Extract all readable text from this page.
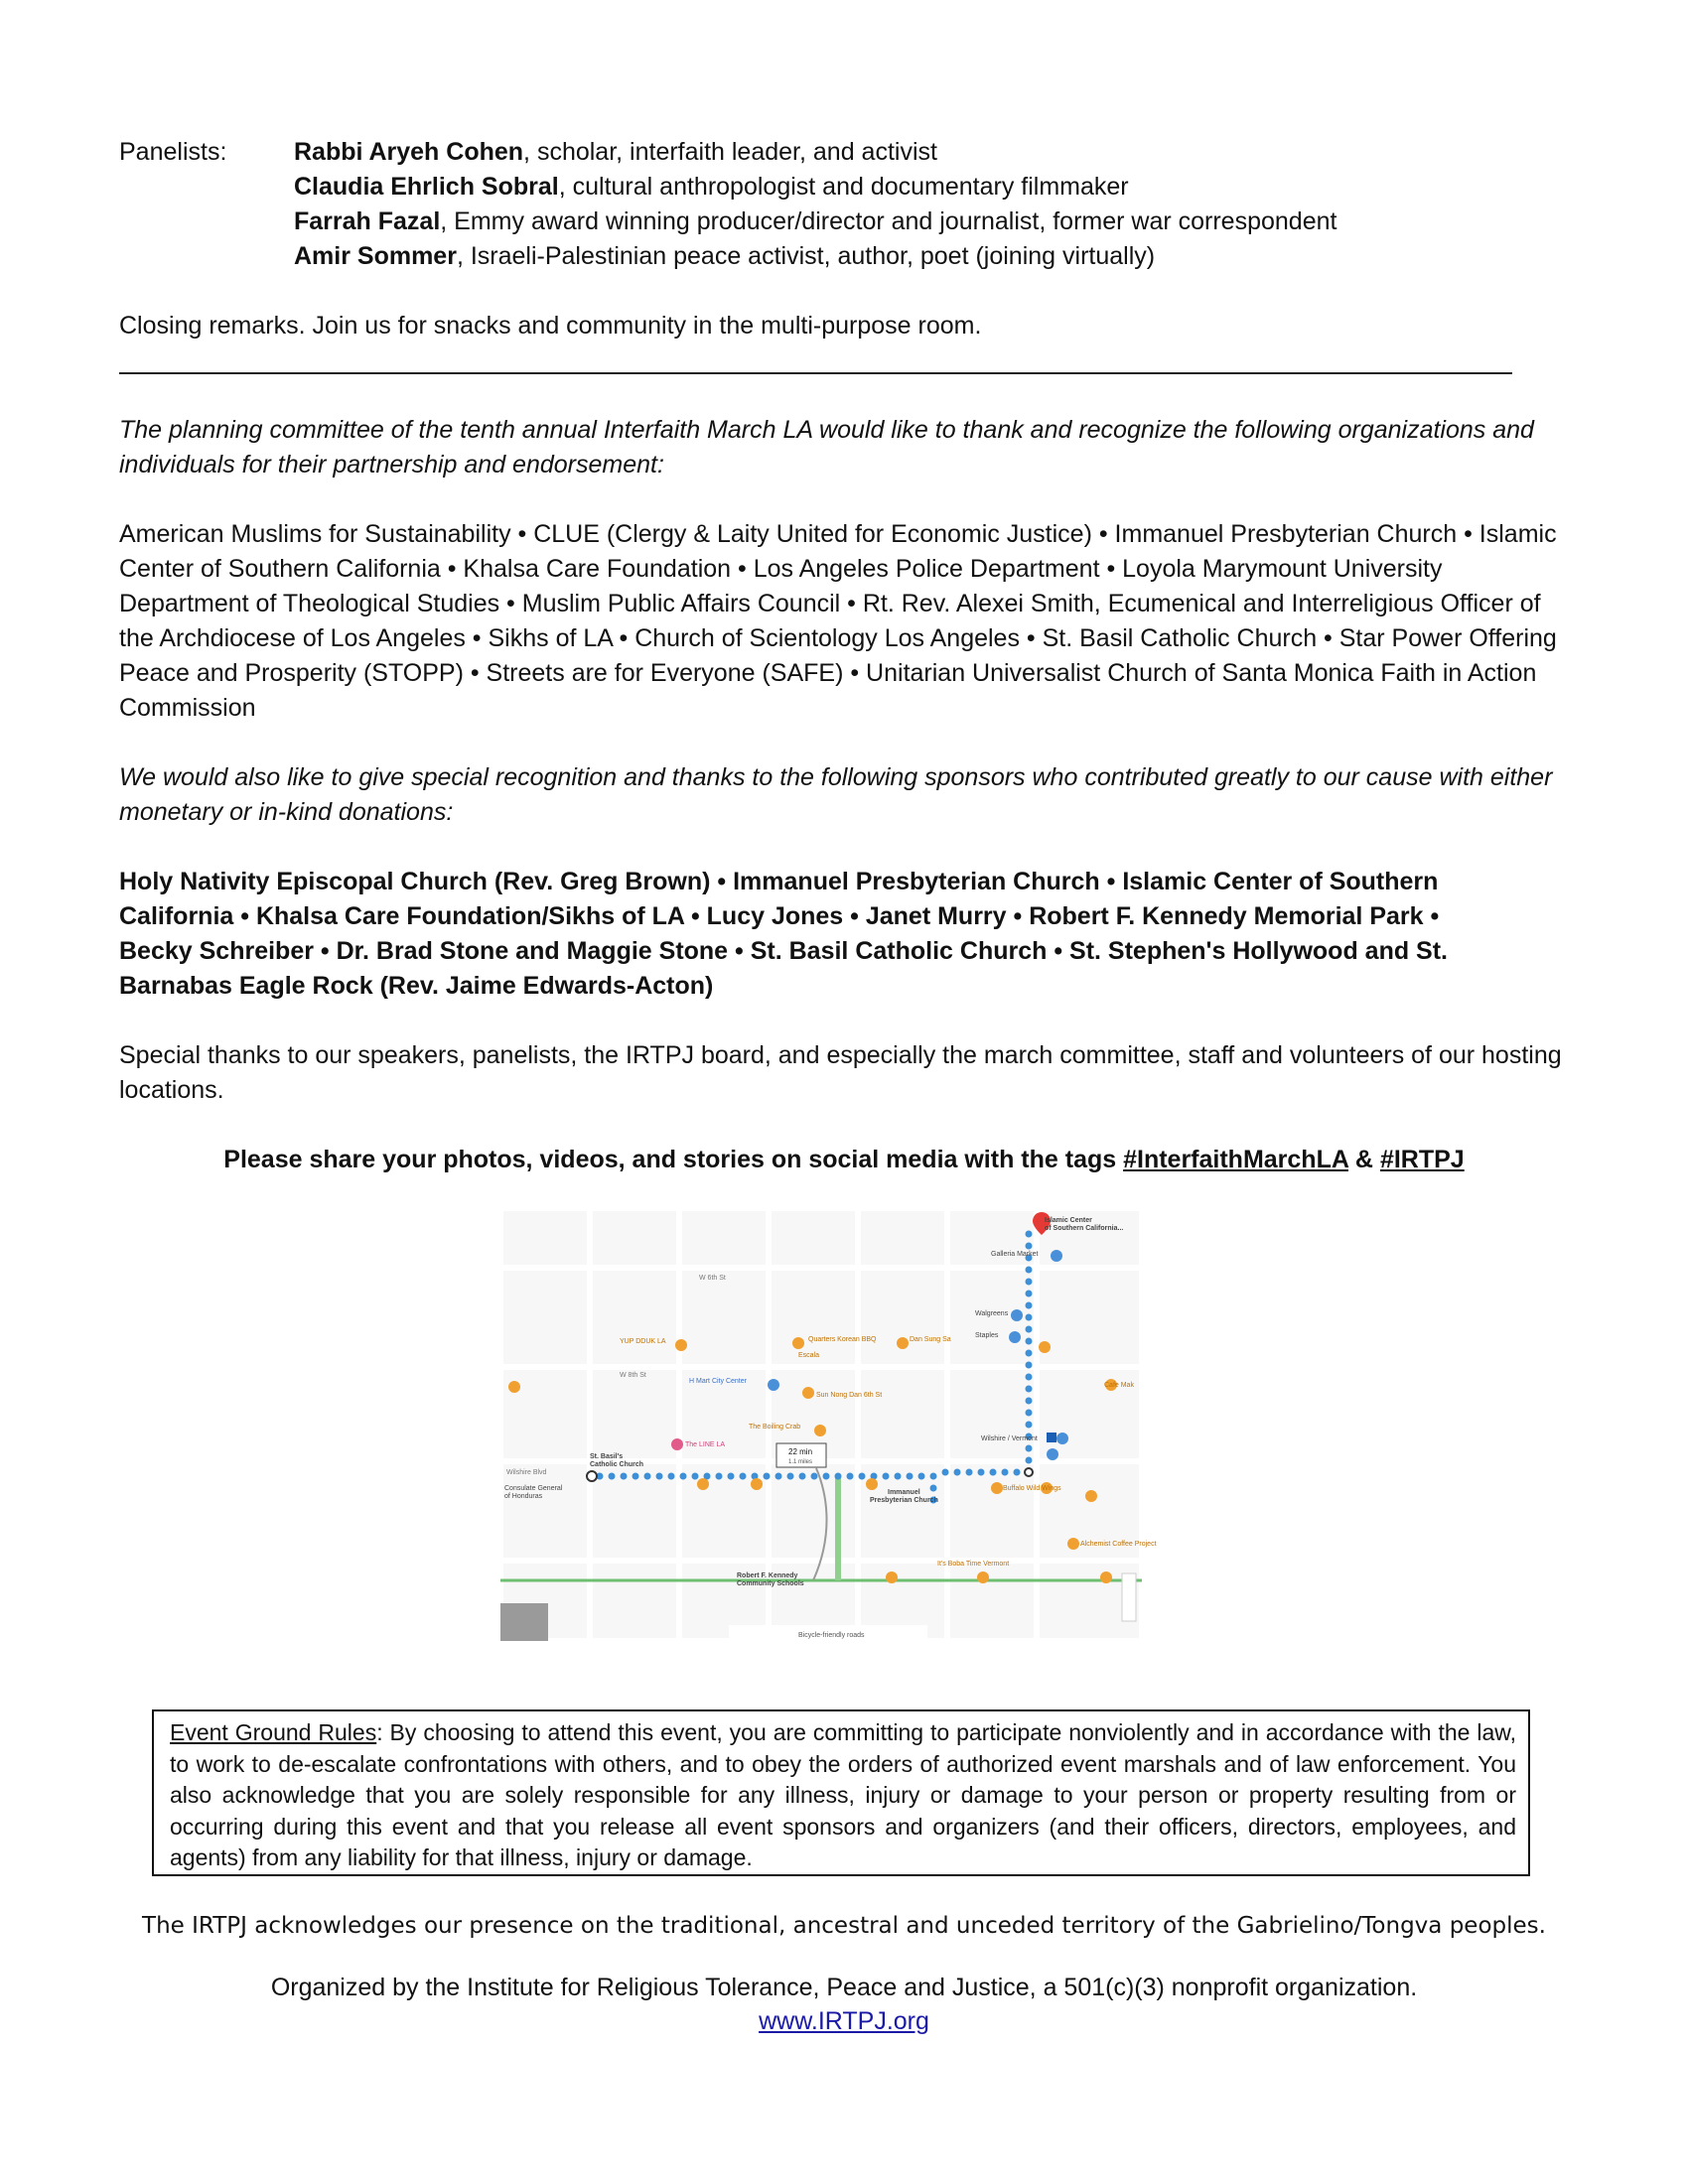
Panelists:	Rabbi Aryeh Cohen, scholar, interfaith leader, and activist
Claudia Ehrlich Sobral, cultural anthropologist and documentary filmmaker
Farrah Fazal, Emmy award winning producer/director and journalist, former war correspondent
Amir Sommer, Israeli-Palestinian peace activist, author, poet (joining virtually)
Closing remarks. Join us for snacks and community in the multi-purpose room.
The planning committee of the tenth annual Interfaith March LA would like to thank and recognize the following organizations and individuals for their partnership and endorsement:
American Muslims for Sustainability • CLUE (Clergy & Laity United for Economic Justice) • Immanuel Presbyterian Church • Islamic Center of Southern California • Khalsa Care Foundation • Los Angeles Police Department • Loyola Marymount University Department of Theological Studies • Muslim Public Affairs Council • Rt. Rev. Alexei Smith, Ecumenical and Interreligious Officer of the Archdiocese of Los Angeles • Sikhs of LA • Church of Scientology Los Angeles • St. Basil Catholic Church • Star Power Offering Peace and Prosperity (STOPP) • Streets are for Everyone (SAFE) • Unitarian Universalist Church of Santa Monica Faith in Action Commission
We would also like to give special recognition and thanks to the following sponsors who contributed greatly to our cause with either monetary or in-kind donations:
Holy Nativity Episcopal Church (Rev. Greg Brown) • Immanuel Presbyterian Church • Islamic Center of Southern California • Khalsa Care Foundation/Sikhs of LA • Lucy Jones • Janet Murry • Robert F. Kennedy Memorial Park • Becky Schreiber • Dr. Brad Stone and Maggie Stone • St. Basil Catholic Church • St. Stephen's Hollywood and St. Barnabas Eagle Rock (Rev. Jaime Edwards-Acton)
Special thanks to our speakers, panelists, the IRTPJ board, and especially the march committee, staff and volunteers of our hosting locations.
Please share your photos, videos, and stories on social media with the tags #InterfaithMarchLA & #IRTPJ
Islamic Center
of Southern California...
Galleria Market
Walgreens
Staples
H Mart City Center
Quarters Korean BBQ	Dan Sung Sa
Escala
YUP DDUK LA
Sun Nong Dan 6th St
The Boiling Crab
The LINE LA
St. Basil's
Catholic Church
Consulate General
of Honduras
Immanuel
Presbyterian Church
Wilshire / Vermont
Robert F. Kennedy
Community Schools
22 min
1.1 miles
Buffalo Wild Wings
Alchemist Coffee Project
It's Boba Time Vermont
Cafe Mak
W 6th St
W 8th St
Wilshire Blvd
Bicycle-friendly roads
Event Ground Rules: By choosing to attend this event, you are committing to participate nonviolently and in accordance with the law, to work to de-escalate confrontations with others, and to obey the orders of authorized event marshals and of law enforcement. You also acknowledge that you are solely responsible for any illness, injury or damage to your person or property resulting from or occurring during this event and that you release all event sponsors and organizers (and their officers, directors, employees, and agents) from any liability for that illness, injury or damage.
The IRTPJ acknowledges our presence on the traditional, ancestral and unceded territory of the Gabrielino/Tongva peoples.
Organized by the Institute for Religious Tolerance, Peace and Justice, a 501(c)(3) nonprofit organization.
www.IRTPJ.org
